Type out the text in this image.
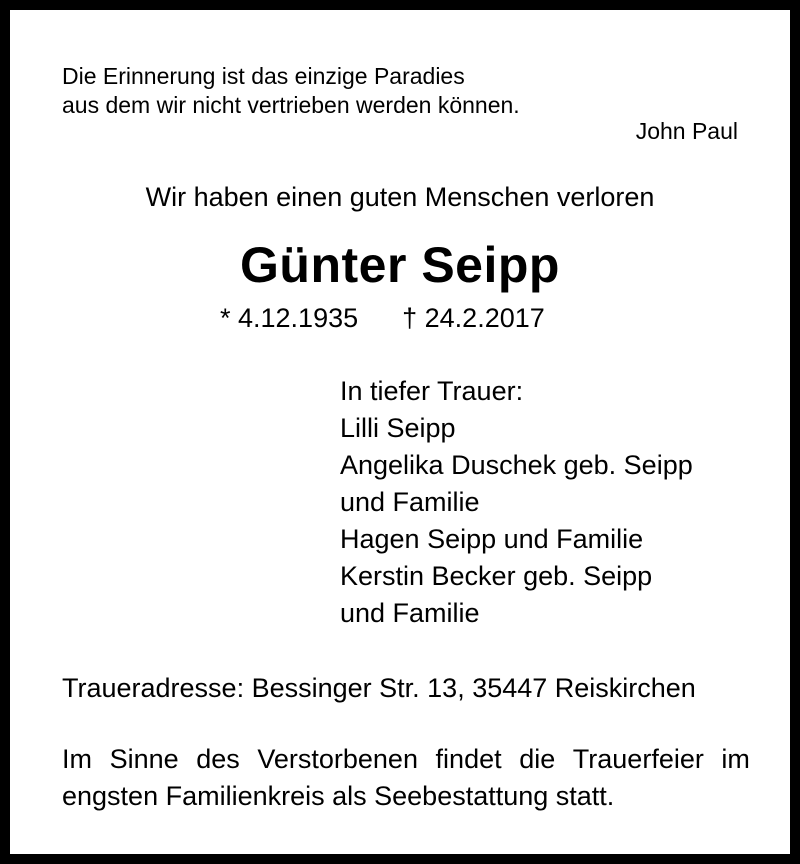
Die Erinnerung ist das einzige Paradies
aus dem wir nicht vertrieben werden können.
John Paul
Wir haben einen guten Menschen verloren
Günter Seipp
* 4.12.1935 † 24.2.2017
In tiefer Trauer:
Lilli Seipp
Angelika Duschek geb. Seipp
und Familie
Hagen Seipp und Familie
Kerstin Becker geb. Seipp
und Familie
Traueradresse: Bessinger Str. 13, 35447 Reiskirchen
Im Sinne des Verstorbenen findet die Trauerfeier im
engsten Familienkreis als Seebestattung statt.
